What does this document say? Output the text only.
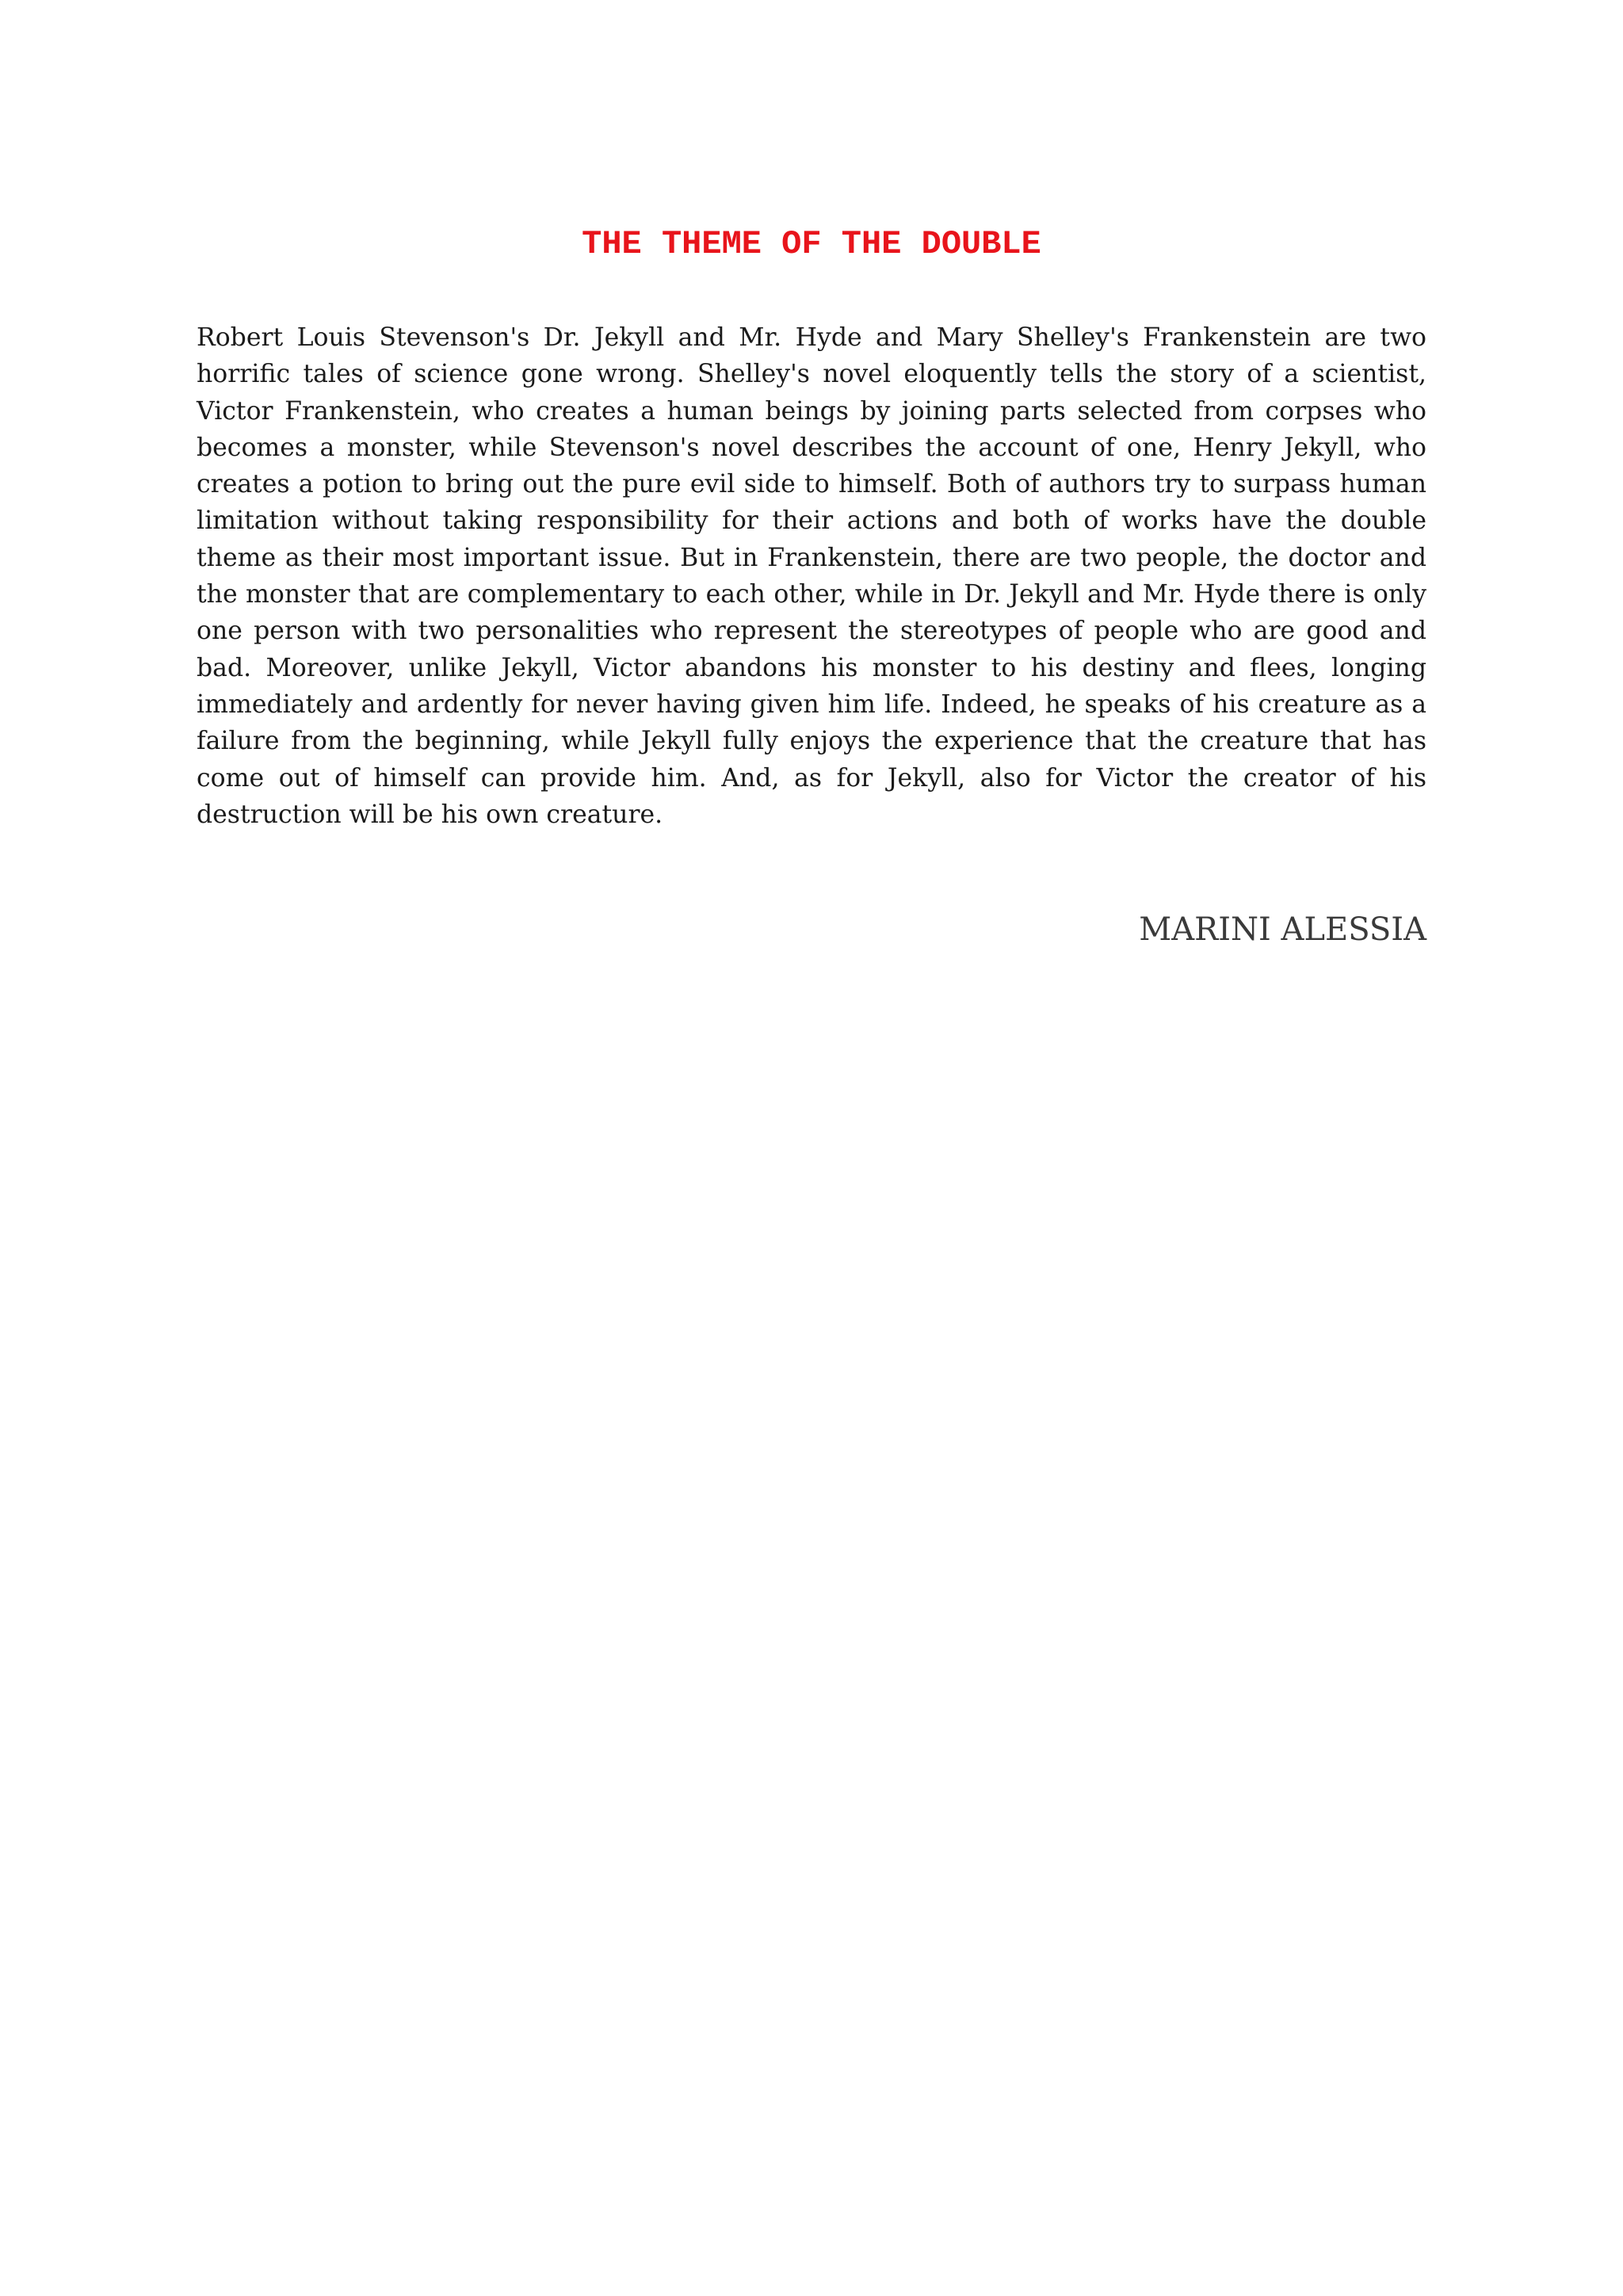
THE THEME OF THE DOUBLE

Robert Louis Stevenson's Dr. Jekyll and Mr. Hyde and Mary Shelley's Frankenstein are two horrific tales of science gone wrong. Shelley's novel eloquently tells the story of a scientist, Victor Frankenstein, who creates a human beings by joining parts selected from corpses who becomes a monster, while Stevenson's novel describes the account of one, Henry Jekyll, who creates a potion to bring out the pure evil side to himself. Both of authors try to surpass human limitation without taking responsibility for their actions and both of works have the double theme as their most important issue. But in Frankenstein, there are two people, the doctor and the monster that are complementary to each other, while in Dr. Jekyll and Mr. Hyde there is only one person with two personalities who represent the stereotypes of people who are good and bad. Moreover, unlike Jekyll, Victor abandons his monster to his destiny and flees, longing immediately and ardently for never having given him life. Indeed, he speaks of his creature as a failure from the beginning, while Jekyll fully enjoys the experience that the creature that has come out of himself can provide him. And, as for Jekyll, also for Victor the creator of his destruction will be his own creature.

MARINI ALESSIA
